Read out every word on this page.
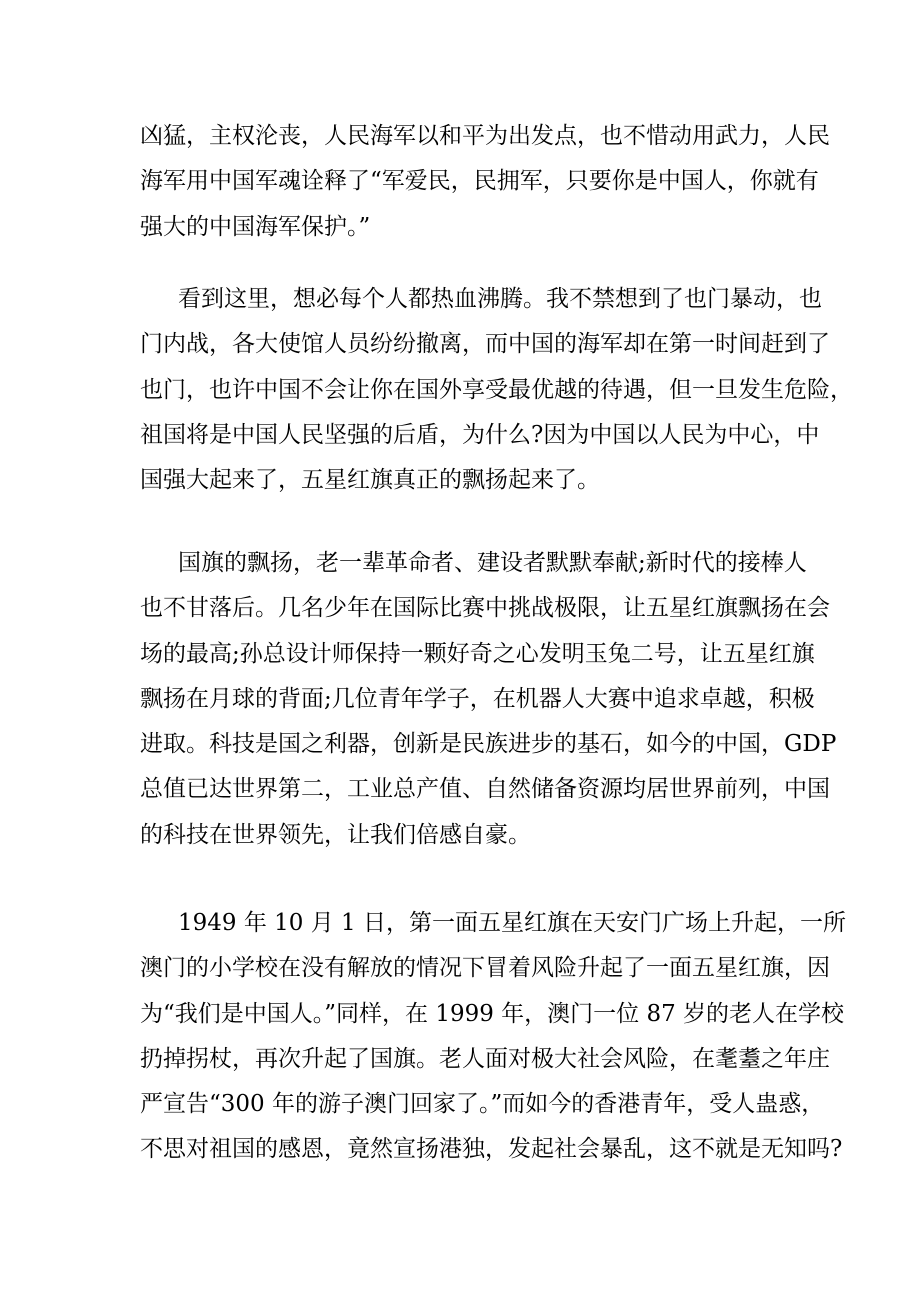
凶猛，主权沦丧，人民海军以和平为出发点，也不惜动用武力，人民
海军用中国军魂诠释了“军爱民，民拥军，只要你是中国人，你就有
强大的中国海军保护。”
看到这里，想必每个人都热血沸腾。我不禁想到了也门暴动，也
门内战，各大使馆人员纷纷撤离，而中国的海军却在第一时间赶到了
也门，也许中国不会让你在国外享受最优越的待遇，但一旦发生危险，
祖国将是中国人民坚强的后盾，为什么?因为中国以人民为中心，中
国强大起来了，五星红旗真正的飘扬起来了。
国旗的飘扬，老一辈革命者、建设者默默奉献;新时代的接棒人
也不甘落后。几名少年在国际比赛中挑战极限，让五星红旗飘扬在会
场的最高;孙总设计师保持一颗好奇之心发明玉兔二号，让五星红旗
飘扬在月球的背面;几位青年学子，在机器人大赛中追求卓越，积极
进取。科技是国之利器，创新是民族进步的基石，如今的中国，GDP
总值已达世界第二，工业总产值、自然储备资源均居世界前列，中国
的科技在世界领先，让我们倍感自豪。
1949 年 10 月 1 日，第一面五星红旗在天安门广场上升起，一所
澳门的小学校在没有解放的情况下冒着风险升起了一面五星红旗，因
为“我们是中国人。”同样，在 1999 年，澳门一位 87 岁的老人在学校
扔掉拐杖，再次升起了国旗。老人面对极大社会风险，在耄耋之年庄
严宣告“300 年的游子澳门回家了。”而如今的香港青年，受人蛊惑，
不思对祖国的感恩，竟然宣扬港独，发起社会暴乱，这不就是无知吗?
